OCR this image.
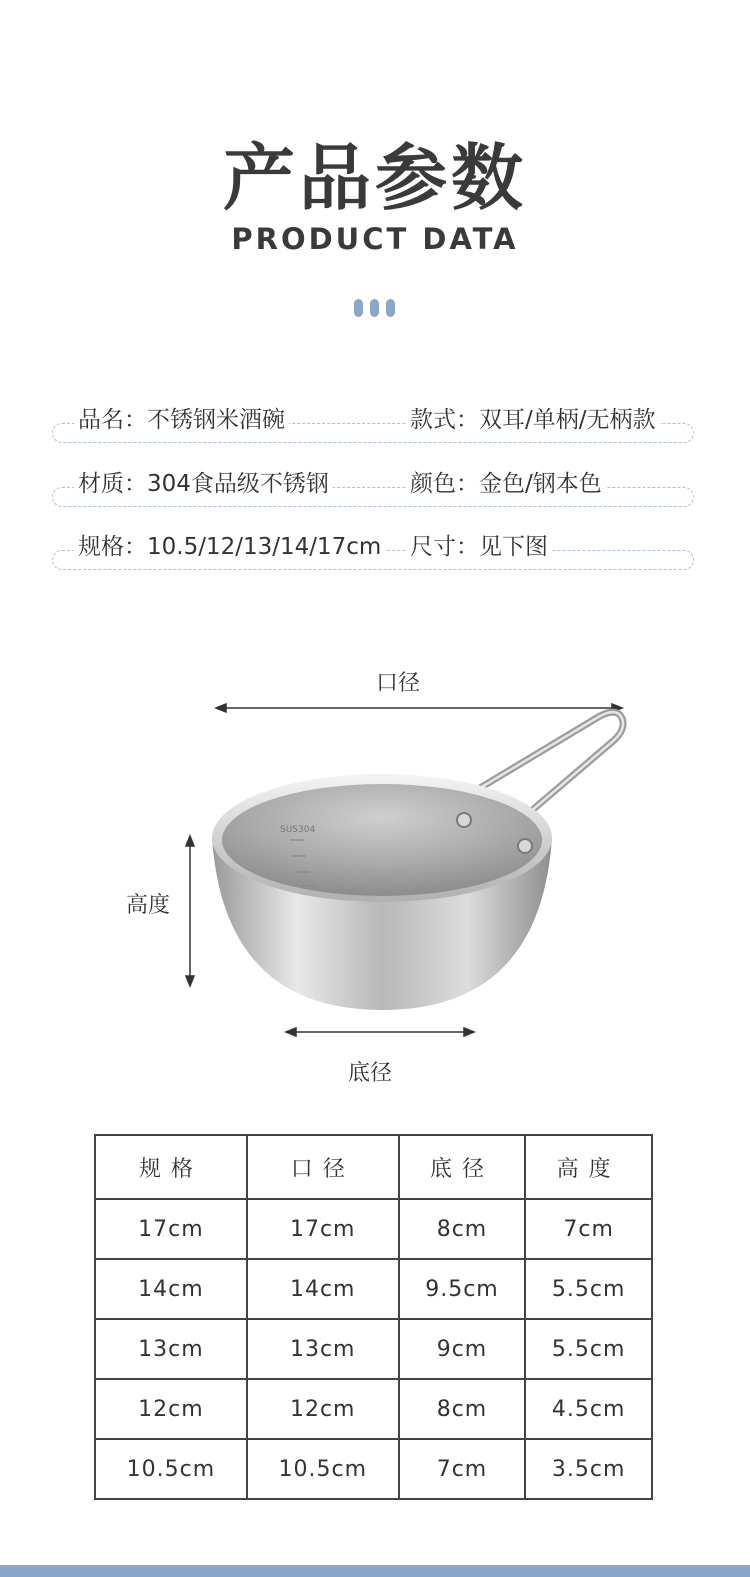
产品参数
PRODUCT DATA
品名：不锈钢米酒碗	款式：双耳/单柄/无柄款
材质：304食品级不锈钢	颜色：金色/钢本色
规格：10.5/12/13/14/17cm 尺寸：见下图
口径
高度
底径
SUS304
规格	口径	底径	高度
17cm	17cm	8cm	7cm
14cm	14cm	9.5cm	5.5cm
13cm	13cm	9cm	5.5cm
12cm	12cm	8cm	4.5cm
10.5cm	10.5cm	7cm	3.5cm
